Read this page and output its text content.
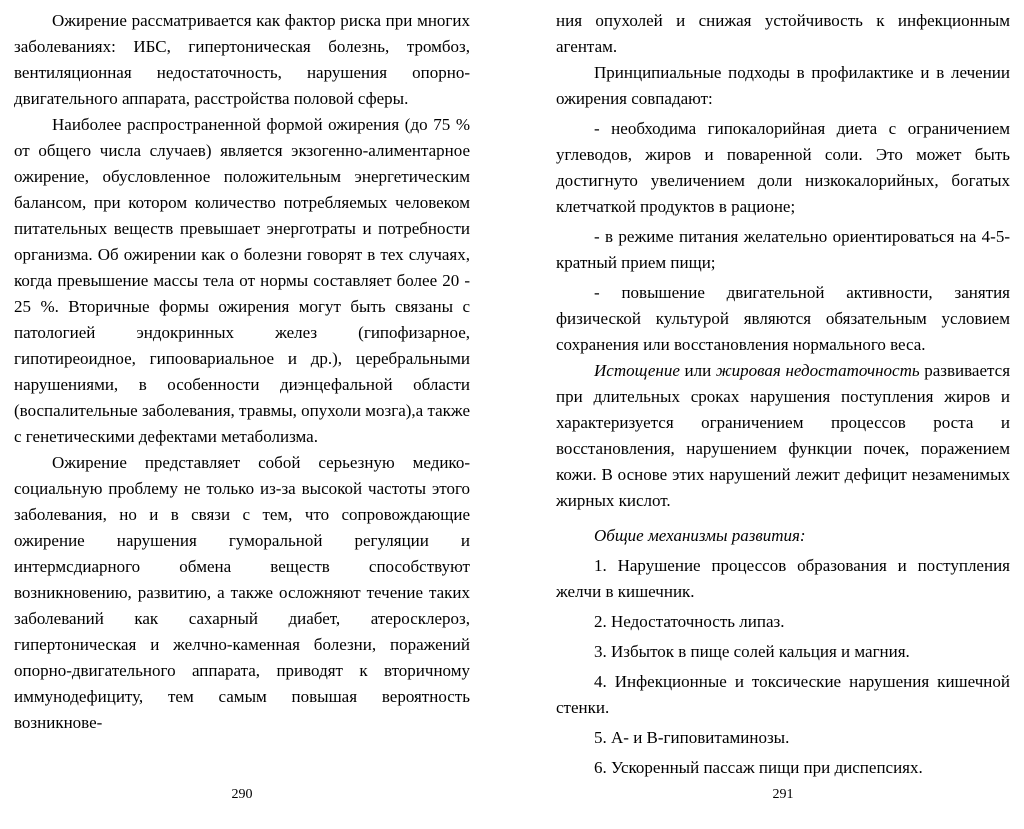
Ожирение рассматривается как фактор риска при многих заболеваниях: ИБС, гипертоническая болезнь, тромбоз, вентиляционная недостаточность, нарушения опорно-двигательного аппарата, расстройства половой сферы.

Наиболее распространенной формой ожирения (до 75 % от общего числа случаев) является экзогенно-алиментарное ожирение, обусловленное положительным энергетическим балансом, при котором количество потребляемых человеком питательных веществ превышает энерготраты и потребности организма. Об ожирении как о болезни говорят в тех случаях, когда превышение массы тела от нормы составляет более 20 - 25 %. Вторичные формы ожирения могут быть связаны с патологией эндокринных желез (гипофизарное, гипотиреоидное, гипоовариальное и др.), церебральными нарушениями, в особенности диэнцефальной области (воспалительные заболевания, травмы, опухоли мозга),а также с генетическими дефектами метаболизма.

Ожирение представляет собой серьезную медико-социальную проблему не только из-за высокой частоты этого заболевания, но и в связи с тем, что сопровождающие ожирение нарушения гуморальной регуляции и интермсдиарного обмена веществ способствуют возникновению, развитию, а также осложняют течение таких заболеваний как сахарный диабет, атеросклероз, гипертоническая и желчно-каменная болезни, поражений опорно-двигательного аппарата, приводят к вторичному иммунодефициту, тем самым повышая вероятность возникнове-

290

ния опухолей и снижая устойчивость к инфекционным агентам.

Принципиальные подходы в профилактике и в лечении ожирения совпадают:

- необходима гипокалорийная диета с ограничением углеводов, жиров и поваренной соли. Это может быть достигнуто увеличением доли низкокалорийных, богатых клетчаткой продуктов в рационе;

- в режиме питания желательно ориентироваться на 4-5-кратный прием пищи;

- повышение двигательной активности, занятия физической культурой являются обязательным условием сохранения или восстановления нормального веса.

Истощение или жировая недостаточность развивается при длительных сроках нарушения поступления жиров и характеризуется ограничением процессов роста и восстановления, нарушением функции почек, поражением кожи. В основе этих нарушений лежит дефицит незаменимых жирных кислот.

Общие механизмы развития:

1. Нарушение процессов образования и поступления желчи в кишечник.

2. Недостаточность липаз.

3. Избыток в пище солей кальция и магния.

4. Инфекционные и токсические нарушения кишечной стенки.

5. А- и В-гиповитаминозы.

6. Ускоренный пассаж пищи при диспепсиях.

291
